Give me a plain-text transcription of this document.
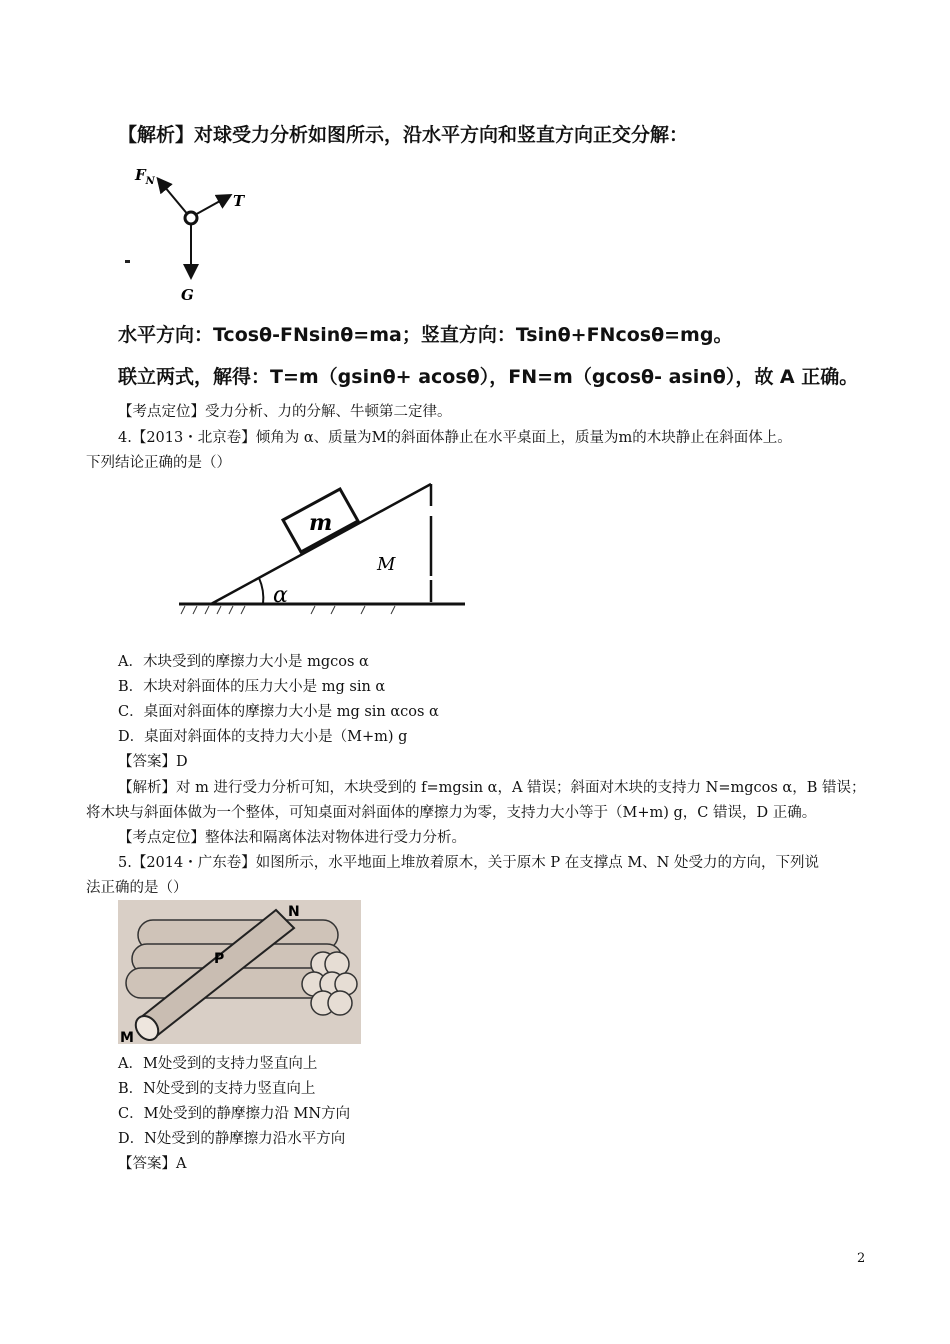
【解析】对球受力分析如图所示，沿水平方向和竖直方向正交分解：
$F_N$
T
G
水平方向：Tcosθ-FNsinθ=ma；竖直方向：Tsinθ+FNcosθ=mg。
联立两式，解得：T=m（gsinθ+ acosθ），FN=m（gcosθ- asinθ），故 A 正确。
【考点定位】受力分析、力的分解、牛顿第二定律。
4.【2013・北京卷】倾角为 α、质量为M的斜面体静止在水平桌面上，质量为m的木块静止在斜面体上。
下列结论正确的是（）
m
M
α
A．木块受到的摩擦力大小是 mgcos α
B．木块对斜面体的压力大小是 mg sin α
C．桌面对斜面体的摩擦力大小是 mg sin αcos α
D．桌面对斜面体的支持力大小是（M+m) g
【答案】D
【解析】对 m 进行受力分析可知，木块受到的 f=mgsin α，A 错误；斜面对木块的支持力 N=mgcos α，B 错误；
将木块与斜面体做为一个整体，可知桌面对斜面体的摩擦力为零，支持力大小等于（M+m) g，C 错误，D 正确。
【考点定位】整体法和隔离体法对物体进行受力分析。
5.【2014・广东卷】如图所示，水平地面上堆放着原木，关于原木 P 在支撑点 M、N 处受力的方向，下列说
法正确的是（）
N
P
M
A．M处受到的支持力竖直向上
B．N处受到的支持力竖直向上
C．M处受到的静摩擦力沿 MN方向
D．N处受到的静摩擦力沿水平方向
【答案】A
2
